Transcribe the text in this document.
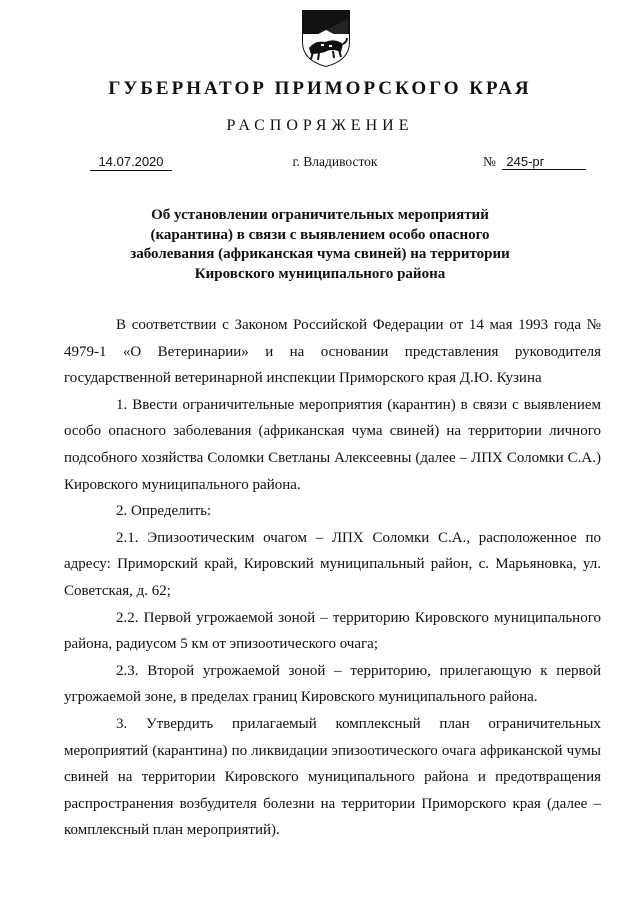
ГУБЕРНАТОР ПРИМОРСКОГО КРАЯ
РАСПОРЯЖЕНИЕ
14.07.2020	г. Владивосток	№ 245-рг
Об установлении ограничительных мероприятий (карантина) в связи с выявлением особо опасного заболевания (африканская чума свиней) на территории Кировского муниципального района

В соответствии с Законом Российской Федерации от 14 мая 1993 года № 4979-1 «О Ветеринарии» и на основании представления руководителя государственной ветеринарной инспекции Приморского края Д.Ю. Кузина

1. Ввести ограничительные мероприятия (карантин) в связи с выявлением особо опасного заболевания (африканская чума свиней) на территории личного подсобного хозяйства Соломки Светланы Алексеевны (далее – ЛПХ Соломки С.А.) Кировского муниципального района.

2. Определить:

2.1. Эпизоотическим очагом – ЛПХ Соломки С.А., расположенное по адресу: Приморский край, Кировский муниципальный район, с. Марьяновка, ул. Советская, д. 62;

2.2. Первой угрожаемой зоной – территорию Кировского муниципального района, радиусом 5 км от эпизоотического очага;

2.3. Второй угрожаемой зоной – территорию, прилегающую к первой угрожаемой зоне, в пределах границ Кировского муниципального района.

3. Утвердить прилагаемый комплексный план ограничительных мероприятий (карантина) по ликвидации эпизоотического очага африканской чумы свиней на территории Кировского муниципального района и предотвращения распространения возбудителя болезни на территории Приморского края (далее – комплексный план мероприятий).
